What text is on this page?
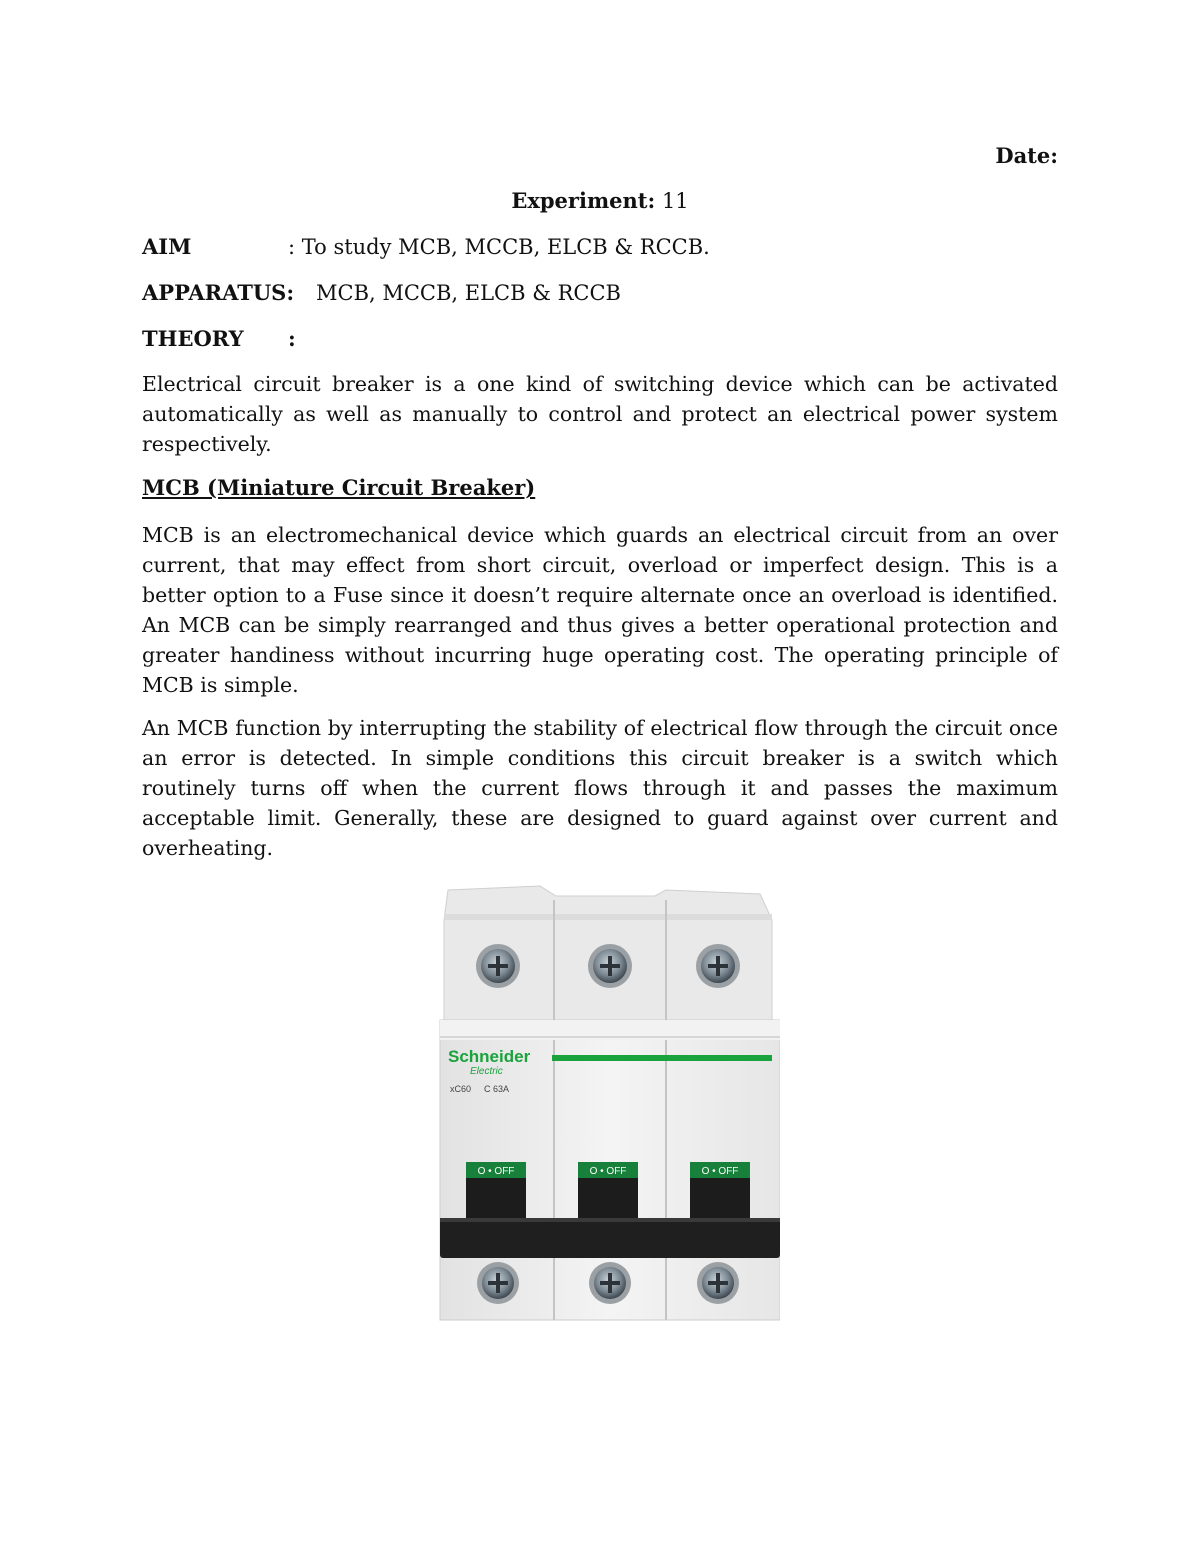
Date:
Experiment: 11
AIM	: To study MCB, MCCB, ELCB & RCCB.
APPARATUS: MCB, MCCB, ELCB & RCCB
THEORY :

Electrical circuit breaker is a one kind of switching device which can be activated automatically as well as manually to control and protect an electrical power system respectively.

MCB (Miniature Circuit Breaker)

MCB is an electromechanical device which guards an electrical circuit from an over current, that may effect from short circuit, overload or imperfect design. This is a better option to a Fuse since it doesn’t require alternate once an overload is identified. An MCB can be simply rearranged and thus gives a better operational protection and greater handiness without incurring huge operating cost. The operating principle of MCB is simple.

An MCB function by interrupting the stability of electrical flow through the circuit once an error is detected. In simple conditions this circuit breaker is a switch which routinely turns off when the current flows through it and passes the maximum acceptable limit. Generally, these are designed to guard against over current and overheating.

Schneider
Electric
xC60 C 63A
O • OFF	O • OFF	O • OFF
